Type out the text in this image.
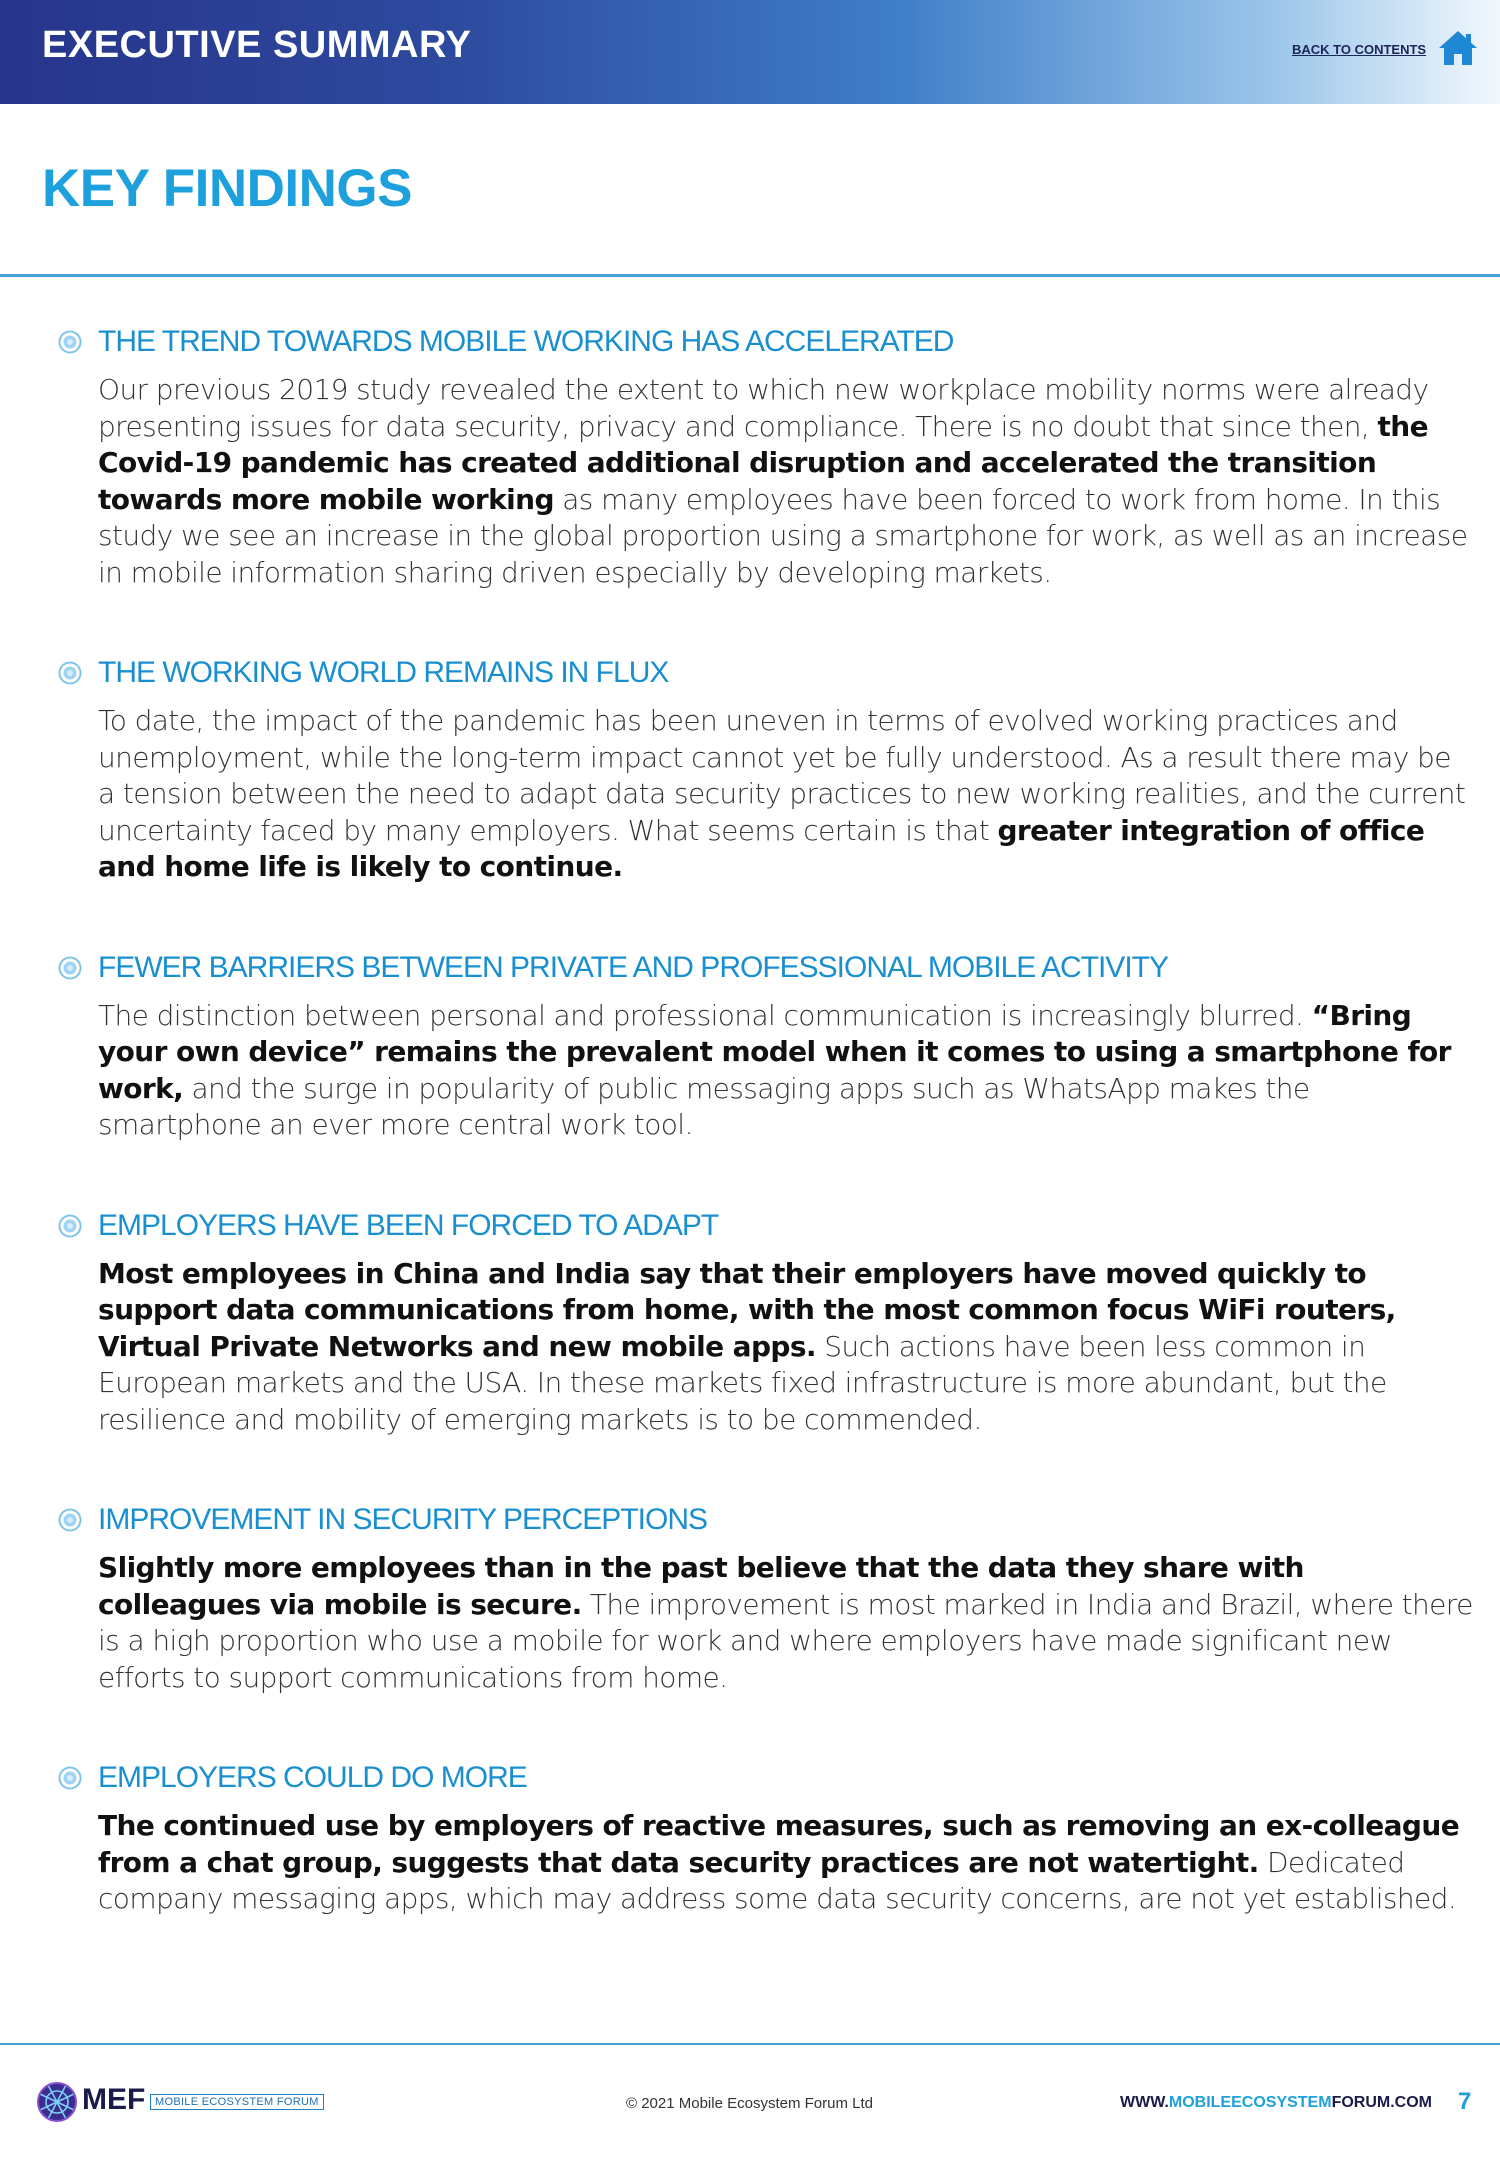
EXECUTIVE SUMMARY	BACK TO CONTENTS
KEY FINDINGS
THE TREND TOWARDS MOBILE WORKING HAS ACCELERATED

Our previous 2019 study revealed the extent to which new workplace mobility norms were already presenting issues for data security, privacy and compliance. There is no doubt that since then, the Covid-19 pandemic has created additional disruption and accelerated the transition towards more mobile working as many employees have been forced to work from home. In this study we see an increase in the global proportion using a smartphone for work, as well as an increase in mobile information sharing driven especially by developing markets.

THE WORKING WORLD REMAINS IN FLUX

To date, the impact of the pandemic has been uneven in terms of evolved working practices and unemployment, while the long-term impact cannot yet be fully understood. As a result there may be a tension between the need to adapt data security practices to new working realities, and the current uncertainty faced by many employers. What seems certain is that greater integration of office and home life is likely to continue.

FEWER BARRIERS BETWEEN PRIVATE AND PROFESSIONAL MOBILE ACTIVITY

The distinction between personal and professional communication is increasingly blurred. “Bring your own device” remains the prevalent model when it comes to using a smartphone for work, and the surge in popularity of public messaging apps such as WhatsApp makes the smartphone an ever more central work tool.

EMPLOYERS HAVE BEEN FORCED TO ADAPT

Most employees in China and India say that their employers have moved quickly to support data communications from home, with the most common focus WiFi routers, Virtual Private Networks and new mobile apps. Such actions have been less common in European markets and the USA. In these markets fixed infrastructure is more abundant, but the resilience and mobility of emerging markets is to be commended.

IMPROVEMENT IN SECURITY PERCEPTIONS

Slightly more employees than in the past believe that the data they share with colleagues via mobile is secure. The improvement is most marked in India and Brazil, where there is a high proportion who use a mobile for work and where employers have made significant new efforts to support communications from home.

EMPLOYERS COULD DO MORE

The continued use by employers of reactive measures, such as removing an ex-colleague from a chat group, suggests that data security practices are not watertight. Dedicated company messaging apps, which may address some data security concerns, are not yet established.

MEF MOBILE ECOSYSTEM FORUM	© 2021 Mobile Ecosystem Forum Ltd	WWW.MOBILEECOSYSTEMFORUM.COM 7
